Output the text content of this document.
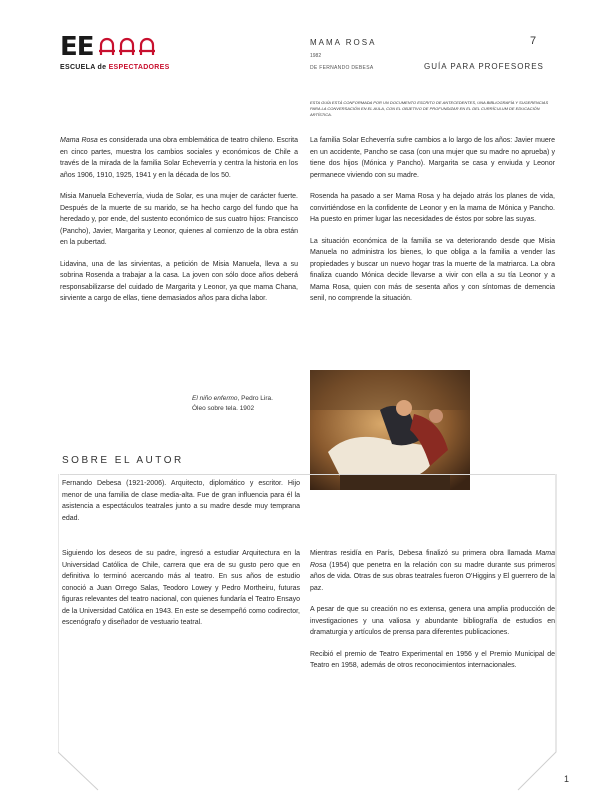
EE
ESCUELA de ESPECTADORES
MAMA ROSA
1982
DE FERNANDO DEBESA
7
GUÍA PARA PROFESORES
ESTA GUÍA ESTÁ CONFORMADA POR UN DOCUMENTO ESCRITO DE ANTECEDENTES, UNA BIBLIOGRAFÍA Y SUGERENCIAS PARA LA CONVERSACIÓN EN EL AULA, CON EL OBJETIVO DE PROFUNDIZAR EN EL DEL CURRÍCULUM DE EDUCACIÓN ARTÍSTICA.

Mama Rosa es considerada una obra emblemática de teatro chileno. Escrita en cinco partes, muestra los cambios sociales y económicos de Chile a través de la mirada de la familia Solar Echeverría y centra la historia en los años 1906, 1910, 1925, 1941 y en la década de los 50.

Misia Manuela Echeverría, viuda de Solar, es una mujer de carácter fuerte. Después de la muerte de su marido, se ha hecho cargo del fundo que ha heredado y, por ende, del sustento económico de sus cuatro hijos: Francisco (Pancho), Javier, Margarita y Leonor, quienes al comienzo de la obra están en la pubertad.

Lidavina, una de las sirvientas, a petición de Misia Manuela, lleva a su sobrina Rosenda a trabajar a la casa. La joven con sólo doce años deberá responsabilizarse del cuidado de Margarita y Leonor, ya que mama Chana, sirviente a cargo de ellas, tiene demasiados años para dicha labor.

La familia Solar Echeverría sufre cambios a lo largo de los años: Javier muere en un accidente, Pancho se casa (con una mujer que su madre no aprueba) y tiene dos hijos (Mónica y Pancho). Margarita se casa y enviuda y Leonor permanece viviendo con su madre.

Rosenda ha pasado a ser Mama Rosa y ha dejado atrás los planes de vida, convirtiéndose en la confidente de Leonor y en la mama de Mónica y Pancho. Ha puesto en primer lugar las necesidades de éstos por sobre las suyas.

La situación económica de la familia se va deteriorando desde que Misia Manuela no administra los bienes, lo que obliga a la familia a vender las propiedades y buscar un nuevo hogar tras la muerte de la matriarca. La obra finaliza cuando Mónica decide llevarse a vivir con ella a su tía Leonor y a Mama Rosa, quien con más de sesenta años y con síntomas de demencia senil, no comprende la situación.

El niño enfermo, Pedro Lira.
Óleo sobre tela. 1902
SOBRE EL AUTOR
Fernando Debesa (1921-2006). Arquitecto, diplomático y escritor. Hijo menor de una familia de clase media-alta. Fue de gran influencia para él la asistencia a espectáculos teatrales junto a su madre desde muy temprana edad.
Siguiendo los deseos de su padre, ingresó a estudiar Arquitectura en la Universidad Católica de Chile, carrera que era de su gusto pero que en definitiva lo terminó acercando más al teatro. En sus años de estudio conoció a Juan Orrego Salas, Teodoro Lowey y Pedro Mortheiru, futuras figuras relevantes del teatro nacional, con quienes fundaría el Teatro Ensayo de la Universidad Católica en 1943. En este se desempeñó como codirector, escenógrafo y diseñador de vestuario teatral.

Mientras residía en París, Debesa finalizó su primera obra llamada Mama Rosa (1954) que penetra en la relación con su madre durante sus primeros años de vida. Otras de sus obras teatrales fueron O'Higgins y El guerrero de la paz.

A pesar de que su creación no es extensa, genera una amplia producción de investigaciones y una valiosa y abundante bibliografía de estudios en dramaturgia y artículos de prensa para diferentes publicaciones.

Recibió el premio de Teatro Experimental en 1956 y el Premio Municipal de Teatro en 1958, además de otros reconocimientos internacionales.

1
